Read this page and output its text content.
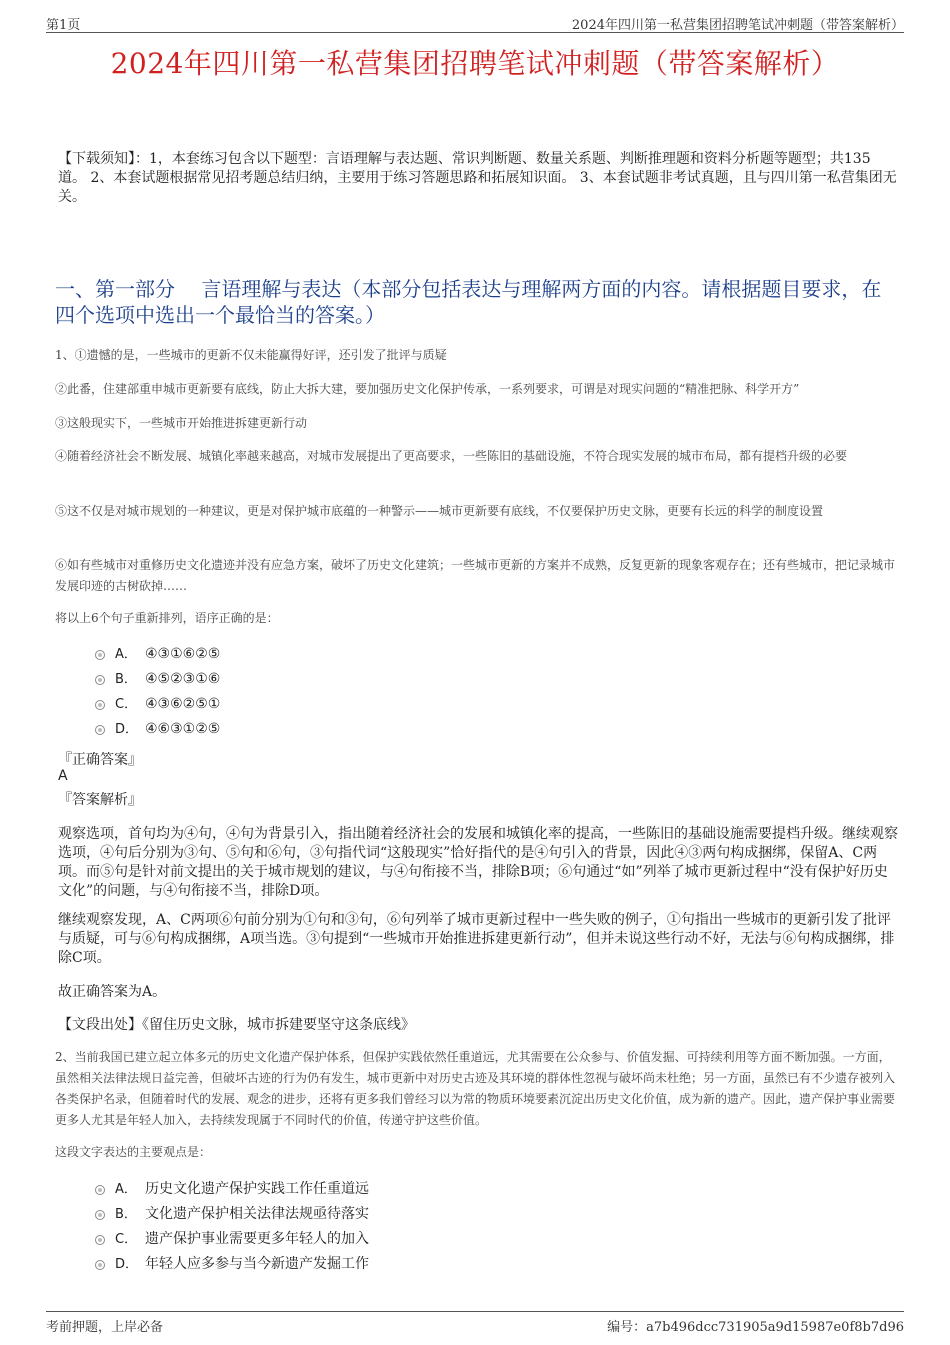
第1页	2024年四川第一私营集团招聘笔试冲刺题（带答案解析）
2024年四川第一私营集团招聘笔试冲刺题（带答案解析）
【下载须知】：1，本套练习包含以下题型：言语理解与表达题、常识判断题、数量关系题、判断推理题和资料分析题等题型；共135道。 2、本套试题根据常见招考题总结归纳，主要用于练习答题思路和拓展知识面。 3、本套试题非考试真题，且与四川第一私营集团无关。
一、第一部分　 言语理解与表达（本部分包括表达与理解两方面的内容。请根据题目要求，在四个选项中选出一个最恰当的答案。）
1、①遗憾的是，一些城市的更新不仅未能赢得好评，还引发了批评与质疑
②此番，住建部重申城市更新要有底线，防止大拆大建，要加强历史文化保护传承，一系列要求，可谓是对现实问题的“精准把脉、科学开方”
③这般现实下，一些城市开始推进拆建更新行动
④随着经济社会不断发展、城镇化率越来越高，对城市发展提出了更高要求，一些陈旧的基础设施，不符合现实发展的城市布局，都有提档升级的必要
⑤这不仅是对城市规划的一种建议，更是对保护城市底蕴的一种警示——城市更新要有底线，不仅要保护历史文脉，更要有长远的科学的制度设置
⑥如有些城市对重修历史文化遗迹并没有应急方案，破坏了历史文化建筑；一些城市更新的方案并不成熟，反复更新的现象客观存在；还有些城市，把记录城市发展印迹的古树砍掉……
将以上6个句子重新排列，语序正确的是：
A． ④③①⑥②⑤
B． ④⑤②③①⑥
C． ④③⑥②⑤①
D． ④⑥③①②⑤
『正确答案』
A
『答案解析』
观察选项，首句均为④句，④句为背景引入，指出随着经济社会的发展和城镇化率的提高，一些陈旧的基础设施需要提档升级。继续观察选项，④句后分别为③句、⑤句和⑥句，③句指代词“这般现实”恰好指代的是④句引入的背景，因此④③两句构成捆绑，保留A、C两项。而⑤句是针对前文提出的关于城市规划的建议，与④句衔接不当，排除B项；⑥句通过“如”列举了城市更新过程中“没有保护好历史文化”的问题，与④句衔接不当，排除D项。
继续观察发现，A、C两项⑥句前分别为①句和③句，⑥句列举了城市更新过程中一些失败的例子，①句指出一些城市的更新引发了批评与质疑，可与⑥句构成捆绑，A项当选。③句提到“一些城市开始推进拆建更新行动”，但并未说这些行动不好，无法与⑥句构成捆绑，排除C项。
故正确答案为A。
【文段出处】《留住历史文脉，城市拆建要坚守这条底线》
2、当前我国已建立起立体多元的历史文化遗产保护体系，但保护实践依然任重道远，尤其需要在公众参与、价值发掘、可持续利用等方面不断加强。一方面，虽然相关法律法规日益完善，但破坏古迹的行为仍有发生，城市更新中对历史古迹及其环境的群体性忽视与破坏尚未杜绝；另一方面，虽然已有不少遗存被列入各类保护名录，但随着时代的发展、观念的进步，还将有更多我们曾经习以为常的物质环境要素沉淀出历史文化价值，成为新的遗产。因此，遗产保护事业需要更多人尤其是年轻人加入，去持续发现属于不同时代的价值，传递守护这些价值。
这段文字表达的主要观点是：
A． 历史文化遗产保护实践工作任重道远
B． 文化遗产保护相关法律法规亟待落实
C． 遗产保护事业需要更多年轻人的加入
D． 年轻人应多参与当今新遗产发掘工作
考前押题，上岸必备	编号：a7b496dcc731905a9d15987e0f8b7d96
